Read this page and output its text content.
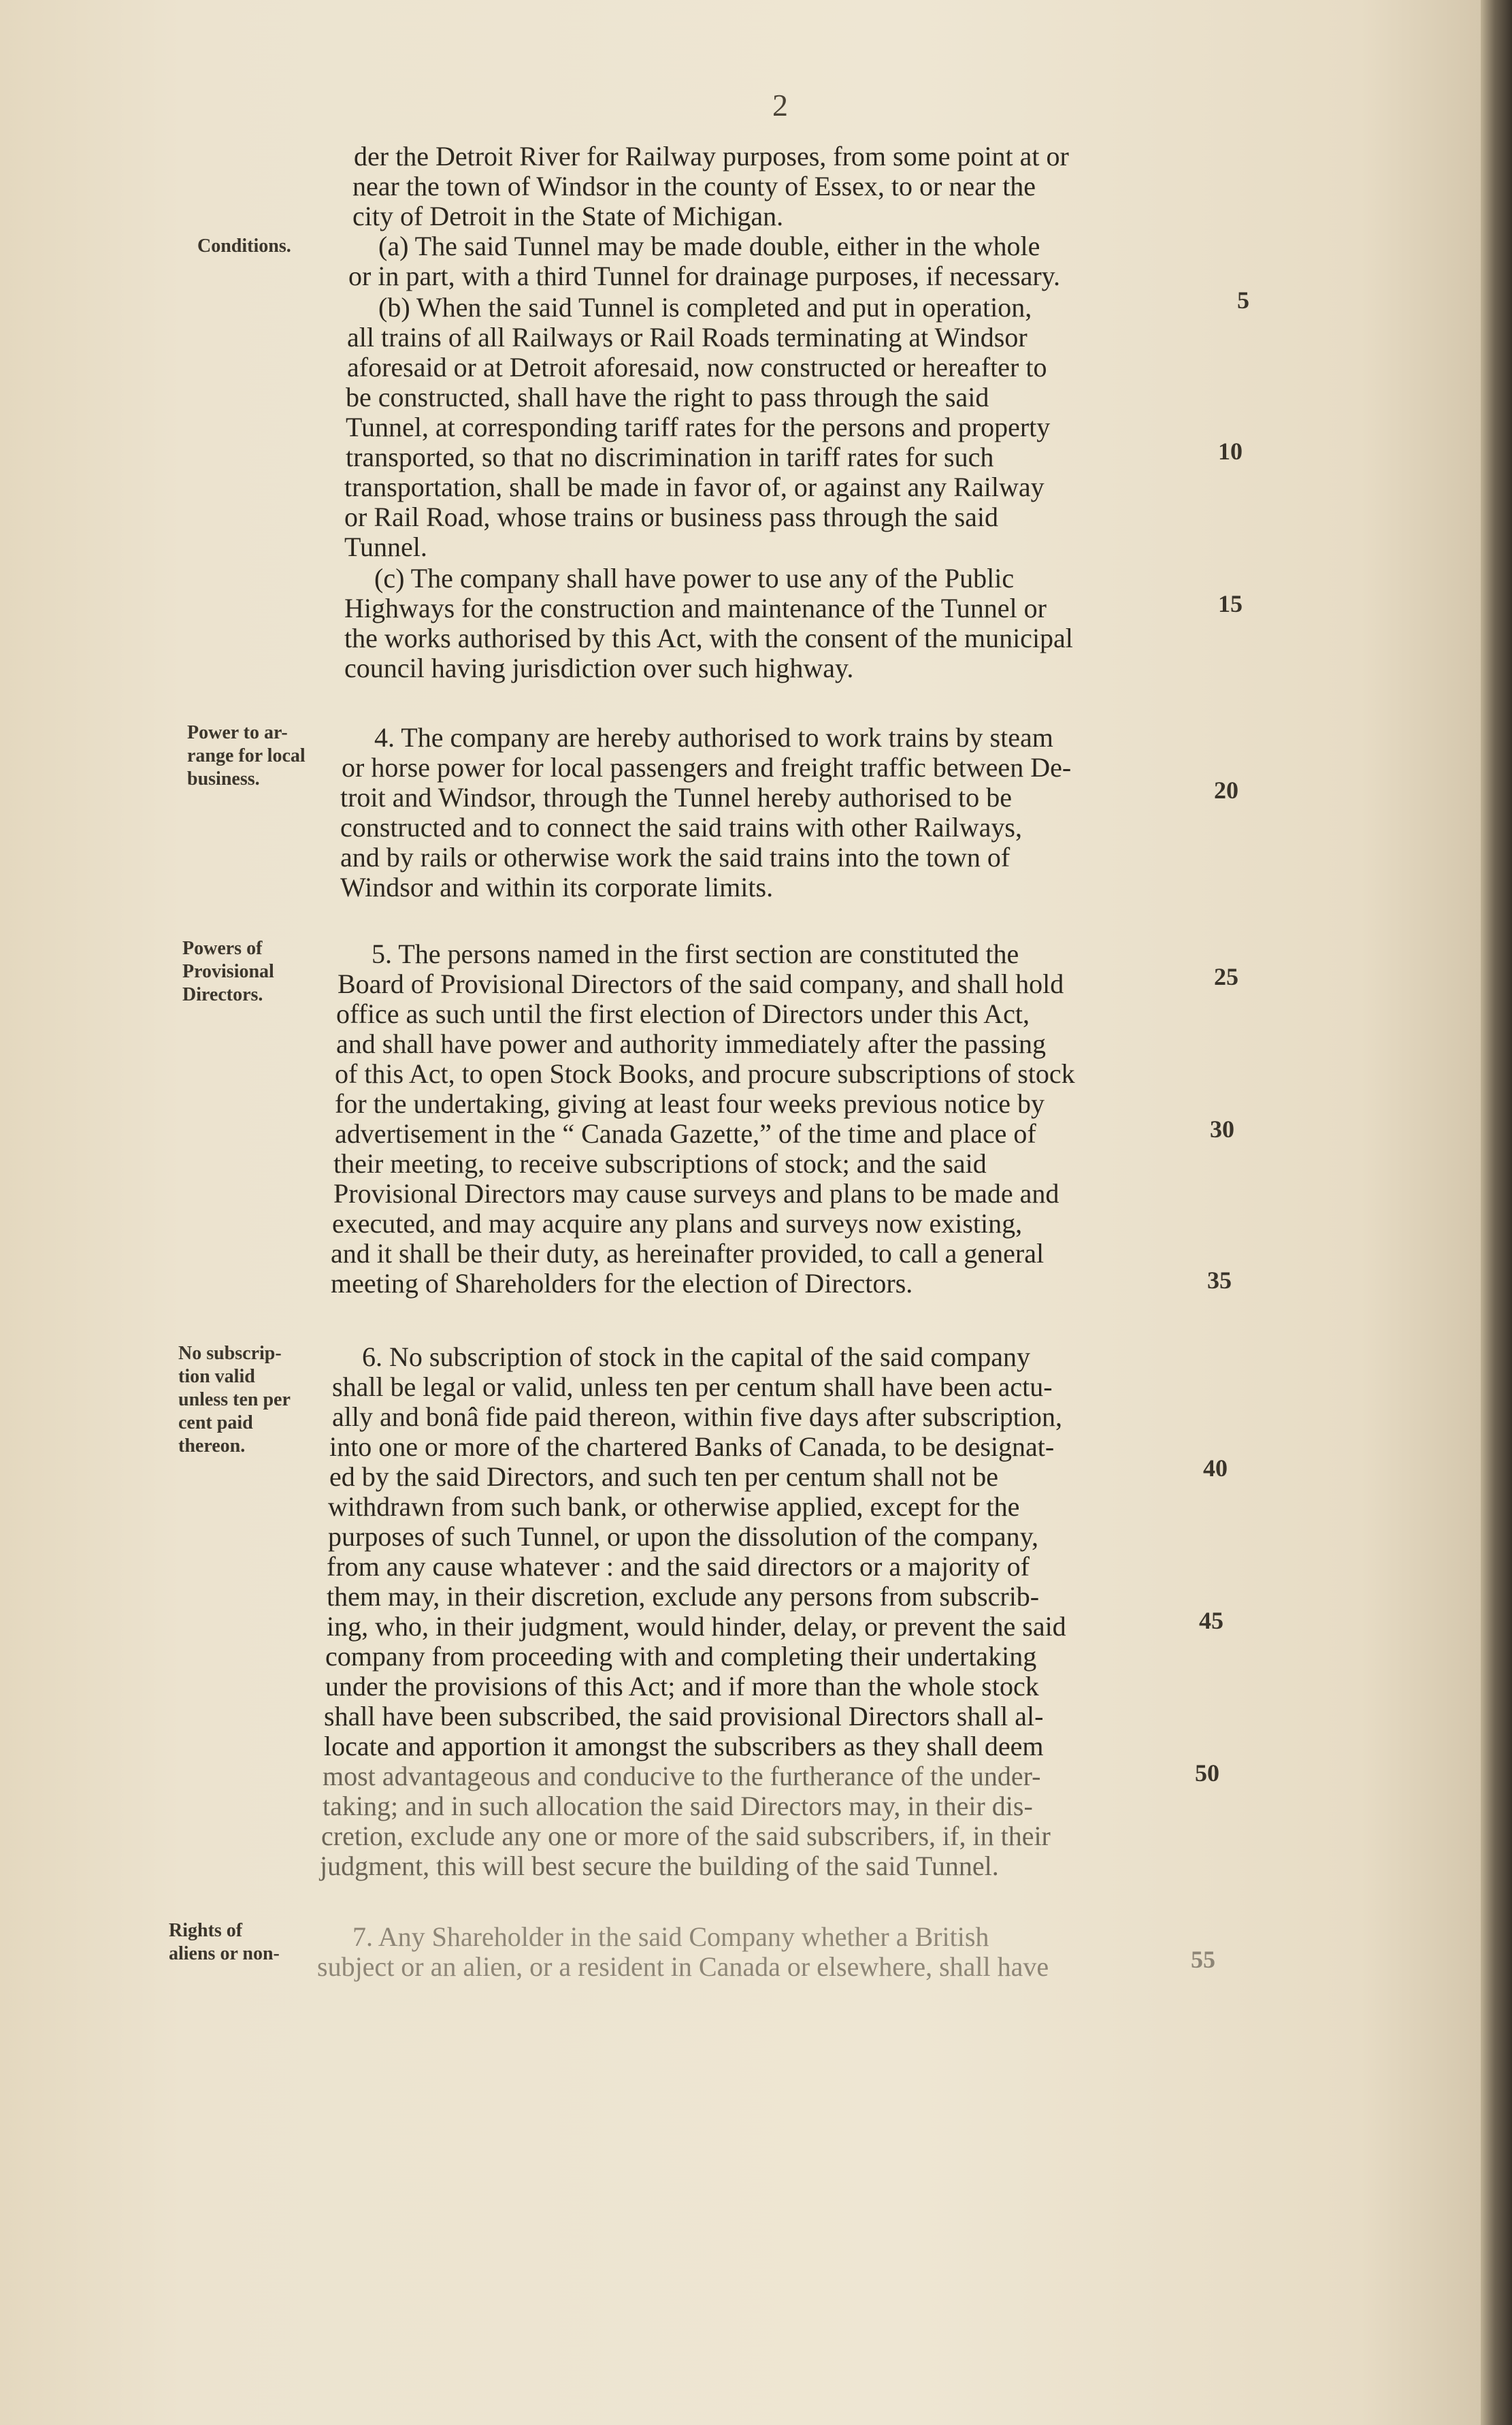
2
Conditions.
Power to ar-
range for local
business.
Powers of
Provisional
Directors.
No subscrip-
tion valid
unless ten per
cent paid
thereon.
Rights of
aliens or non-
der the Detroit River for Railway purposes, from some point at or
near the town of Windsor in the county of Essex, to or near the
city of Detroit in the State of Michigan.
(a) The said Tunnel may be made double, either in the whole
or in part, with a third Tunnel for drainage purposes, if necessary.
(b) When the said Tunnel is completed and put in operation,
all trains of all Railways or Rail Roads terminating at Windsor
aforesaid or at Detroit aforesaid, now constructed or hereafter to
be constructed, shall have the right to pass through the said
Tunnel, at corresponding tariff rates for the persons and property
transported, so that no discrimination in tariff rates for such
transportation, shall be made in favor of, or against any Railway
or Rail Road, whose trains or business pass through the said
Tunnel.
(c) The company shall have power to use any of the Public
Highways for the construction and maintenance of the Tunnel or
the works authorised by this Act, with the consent of the municipal
council having jurisdiction over such highway.
4. The company are hereby authorised to work trains by steam
or horse power for local passengers and freight traffic between De-
troit and Windsor, through the Tunnel hereby authorised to be
constructed and to connect the said trains with other Railways,
and by rails or otherwise work the said trains into the town of
Windsor and within its corporate limits.
5. The persons named in the first section are constituted the
Board of Provisional Directors of the said company, and shall hold
office as such until the first election of Directors under this Act,
and shall have power and authority immediately after the passing
of this Act, to open Stock Books, and procure subscriptions of stock
for the undertaking, giving at least four weeks previous notice by
advertisement in the “ Canada Gazette,” of the time and place of
their meeting, to receive subscriptions of stock; and the said
Provisional Directors may cause surveys and plans to be made and
executed, and may acquire any plans and surveys now existing,
and it shall be their duty, as hereinafter provided, to call a general
meeting of Shareholders for the election of Directors.
6. No subscription of stock in the capital of the said company
shall be legal or valid, unless ten per centum shall have been actu-
ally and bonâ fide paid thereon, within five days after subscription,
into one or more of the chartered Banks of Canada, to be designat-
ed by the said Directors, and such ten per centum shall not be
withdrawn from such bank, or otherwise applied, except for the
purposes of such Tunnel, or upon the dissolution of the company,
from any cause whatever : and the said directors or a majority of
them may, in their discretion, exclude any persons from subscrib-
ing, who, in their judgment, would hinder, delay, or prevent the said
company from proceeding with and completing their undertaking
under the provisions of this Act; and if more than the whole stock
shall have been subscribed, the said provisional Directors shall al-
locate and apportion it amongst the subscribers as they shall deem
most advantageous and conducive to the furtherance of the under-
taking; and in such allocation the said Directors may, in their dis-
cretion, exclude any one or more of the said subscribers, if, in their
judgment, this will best secure the building of the said Tunnel.
7. Any Shareholder in the said Company whether a British
subject or an alien, or a resident in Canada or elsewhere, shall have
5
10
15
20
25
30
35
40
45
50
55
